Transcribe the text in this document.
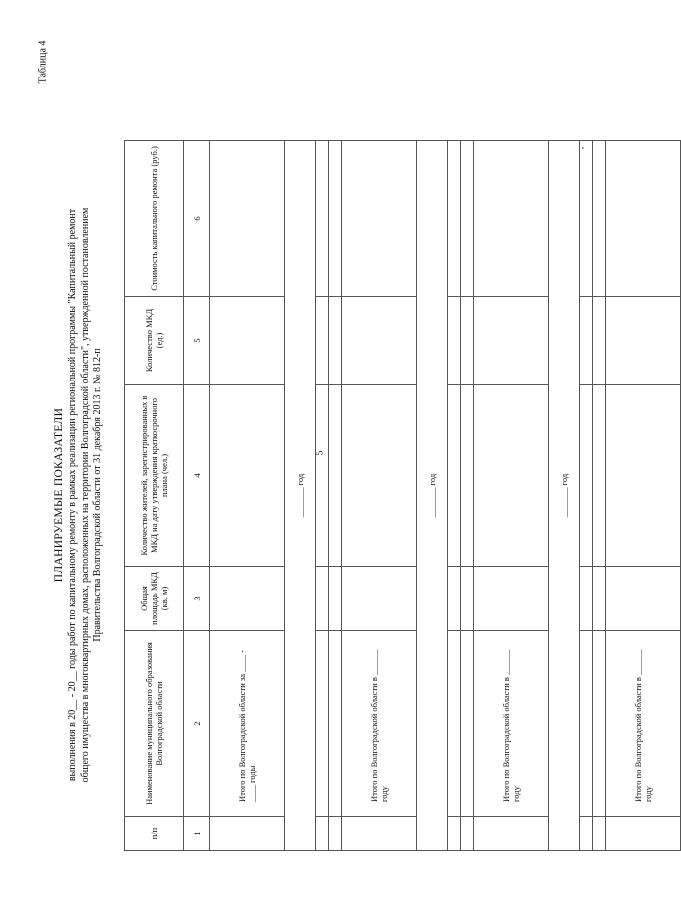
5
Таблица 4
ПЛАНИРУЕМЫЕ ПОКАЗАТЕЛИ выполнения в 20__ - 20__ годы работ по капитальному ремонту в рамках реализации региональной программы "Капитальный ремонт общего имущества в многоквартирных домах, расположенных на территории Волгоградской области", утвержденной постановлением Правительства Волгоградской области от 31 декабря 2013 г. № 812-п
п/п	Наименование муниципального образования Волгоградской области	Общая площадь МКД (кв. м)	Количество жителей, зарегистрированных в МКД на дату утверждения краткосрочного плана (чел.)	Количество МКД (ед.)	Стоимость капитального ремонта (руб.)
1	2	3	4	5	6
	Итого по Волгоградской области за ____ - ____ годы				
_______ год					

	Итого по Волгоградской области в ______ году				
_______ год					

	Итого по Волгоградской области в ______ году				
_______ год					

	Итого по Волгоградской области в ______ году				
"
